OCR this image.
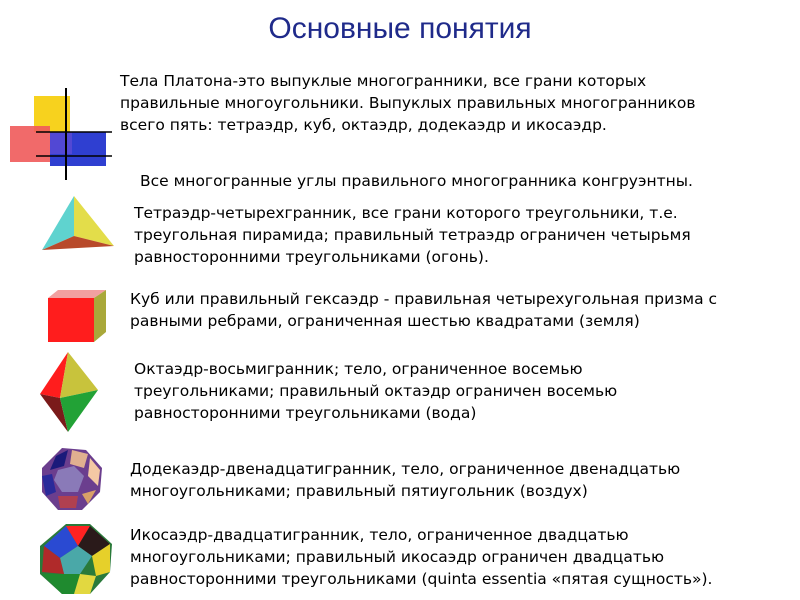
Основные понятия

Тела Платона-это выпуклые многогранники, все грани которых

правильные многоугольники. Выпуклых правильных многогранников

всего пять: тетраэдр, куб, октаэдр, додекаэдр и икосаэдр.

Все многогранные углы правильного многогранника конгруэнтны.

Тетраэдр-четырехгранник, все грани которого треугольники, т.е.

треугольная пирамида; правильный тетраэдр ограничен четырьмя

равносторонними треугольниками (огонь).

Куб или правильный гексаэдр - правильная четырехугольная призма с

равными ребрами, ограниченная шестью квадратами (земля)

Октаэдр-восьмигранник; тело, ограниченное восемью

треугольниками; правильный октаэдр ограничен восемью

равносторонними треугольниками (вода)

Додекаэдр-двенадцатигранник, тело, ограниченное двенадцатью

многоугольниками; правильный пятиугольник (воздух)

Икосаэдр-двадцатигранник, тело, ограниченное двадцатью

многоугольниками; правильный икосаэдр ограничен двадцатью

равносторонними треугольниками (quinta essentia «пятая сущность»).
